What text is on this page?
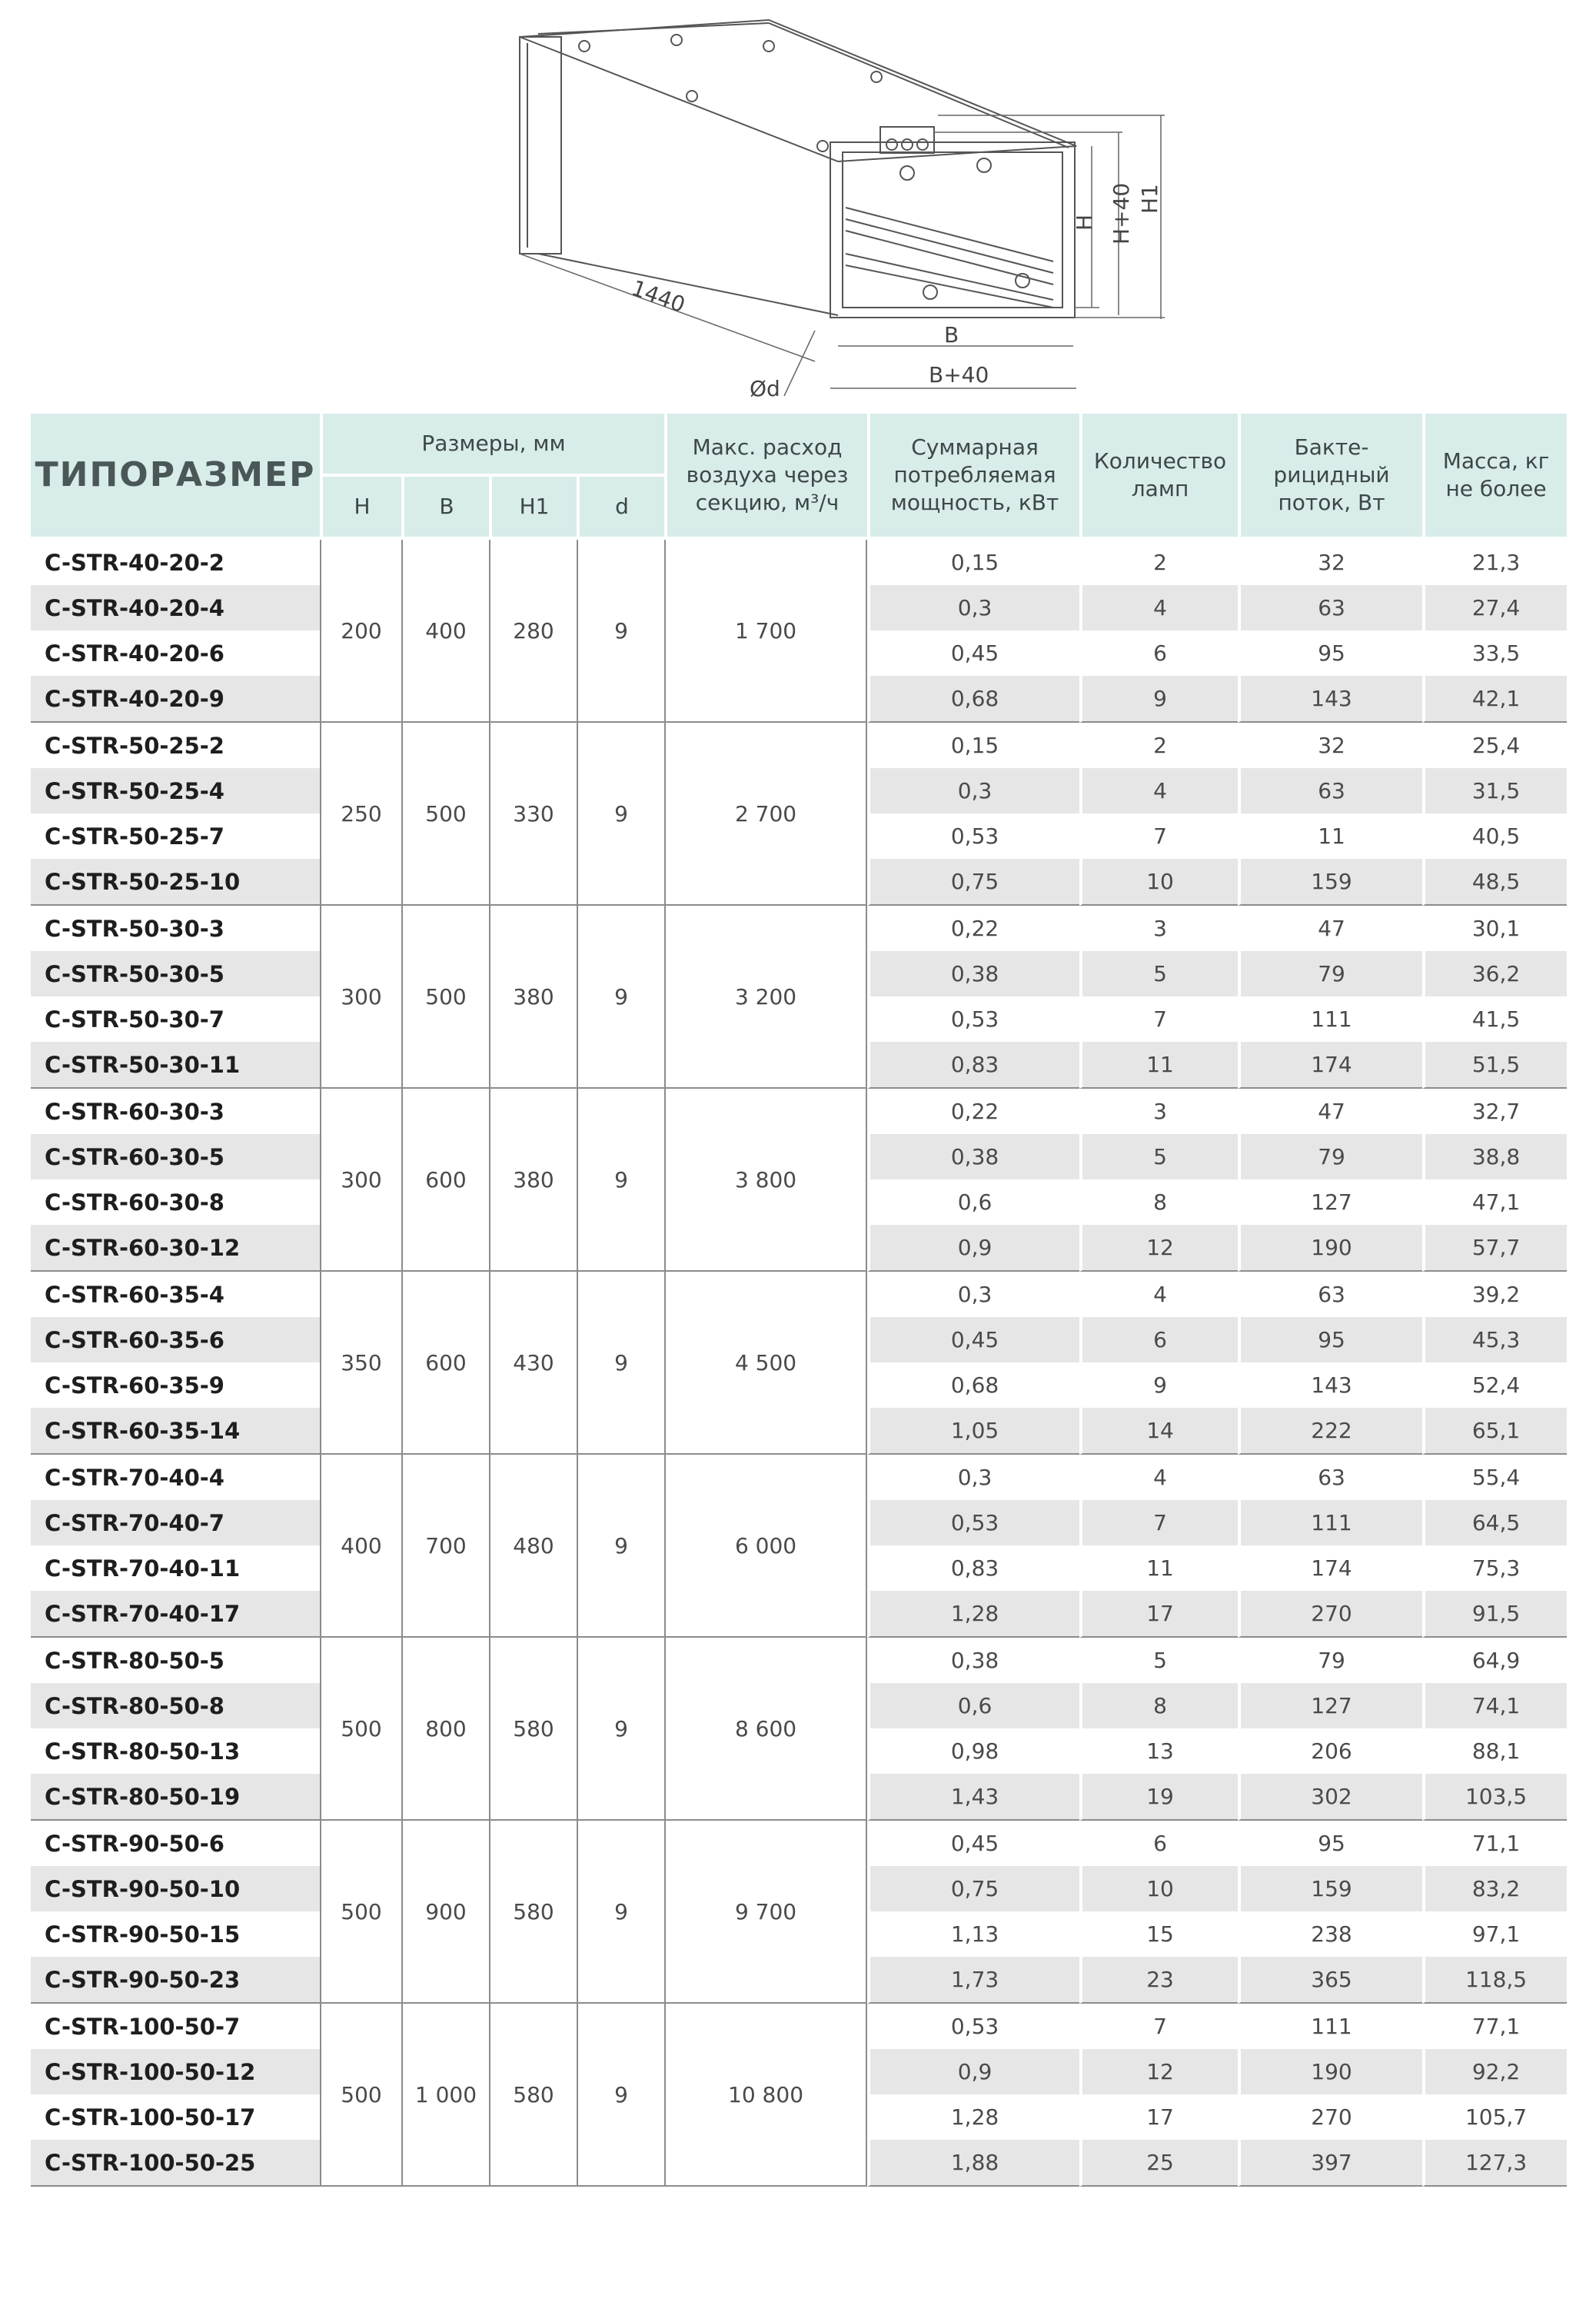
1440
Ød
B
B+40
H H+40 H1
ТИПОРАЗМЕР	Размеры, мм				Макс. расход
воздуха через
секцию, м³/ч	Суммарная
потребляемая
мощность, кВт	Количество
ламп	Бакте-
рицидный
поток, Вт	Масса, кг
не более
	H	B	H1	d					
C-STR-40-20-2	200	400	280	9	1 700	0,15	2	32	21,3
C-STR-40-20-4						0,3	4	63	27,4
C-STR-40-20-6						0,45	6	95	33,5
C-STR-40-20-9						0,68	9	143	42,1
C-STR-50-25-2	250	500	330	9	2 700	0,15	2	32	25,4
C-STR-50-25-4						0,3	4	63	31,5
C-STR-50-25-7						0,53	7	11	40,5
C-STR-50-25-10						0,75	10	159	48,5
C-STR-50-30-3	300	500	380	9	3 200	0,22	3	47	30,1
C-STR-50-30-5						0,38	5	79	36,2
C-STR-50-30-7						0,53	7	111	41,5
C-STR-50-30-11						0,83	11	174	51,5
C-STR-60-30-3	300	600	380	9	3 800	0,22	3	47	32,7
C-STR-60-30-5						0,38	5	79	38,8
C-STR-60-30-8						0,6	8	127	47,1
C-STR-60-30-12						0,9	12	190	57,7
C-STR-60-35-4	350	600	430	9	4 500	0,3	4	63	39,2
C-STR-60-35-6						0,45	6	95	45,3
C-STR-60-35-9						0,68	9	143	52,4
C-STR-60-35-14						1,05	14	222	65,1
C-STR-70-40-4	400	700	480	9	6 000	0,3	4	63	55,4
C-STR-70-40-7						0,53	7	111	64,5
C-STR-70-40-11						0,83	11	174	75,3
C-STR-70-40-17						1,28	17	270	91,5
C-STR-80-50-5	500	800	580	9	8 600	0,38	5	79	64,9
C-STR-80-50-8						0,6	8	127	74,1
C-STR-80-50-13						0,98	13	206	88,1
C-STR-80-50-19						1,43	19	302	103,5
C-STR-90-50-6	500	900	580	9	9 700	0,45	6	95	71,1
C-STR-90-50-10						0,75	10	159	83,2
C-STR-90-50-15						1,13	15	238	97,1
C-STR-90-50-23						1,73	23	365	118,5
C-STR-100-50-7	500	1 000	580	9	10 800	0,53	7	111	77,1
C-STR-100-50-12						0,9	12	190	92,2
C-STR-100-50-17						1,28	17	270	105,7
C-STR-100-50-25						1,88	25	397	127,3
